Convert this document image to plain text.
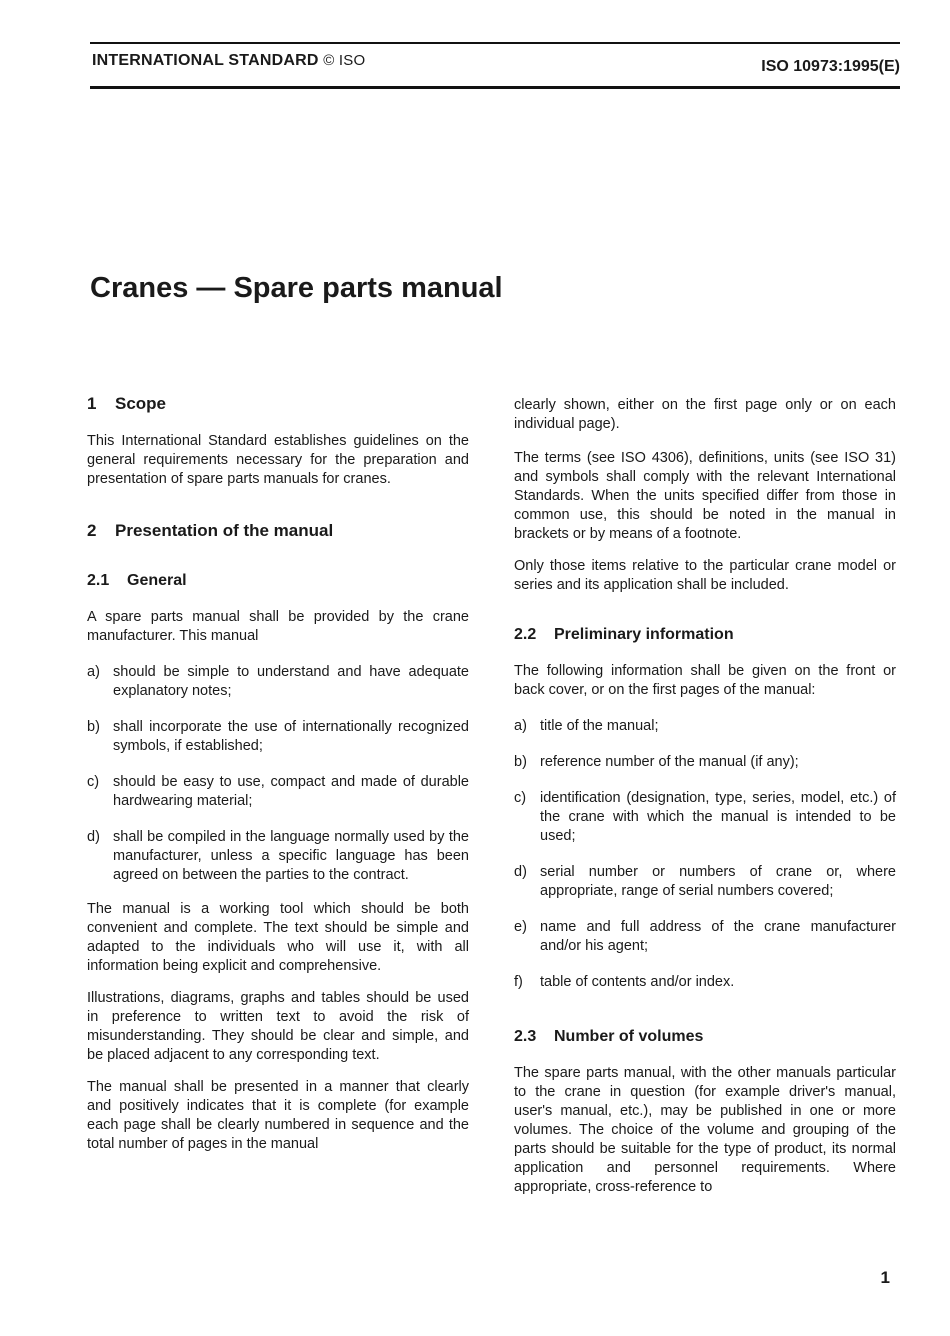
INTERNATIONAL STANDARD © ISO	ISO 10973:1995(E)
Cranes — Spare parts manual
1 Scope

This International Standard establishes guidelines on the general requirements necessary for the preparation and presentation of spare parts manuals for cranes.

2 Presentation of the manual
2.1 General

A spare parts manual shall be provided by the crane manufacturer. This manual

a) should be simple to understand and have adequate explanatory notes;
b) shall incorporate the use of internationally recognized symbols, if established;
c) should be easy to use, compact and made of durable hardwearing material;
d) shall be compiled in the language normally used by the manufacturer, unless a specific language has been agreed on between the parties to the contract.

The manual is a working tool which should be both convenient and complete. The text should be simple and adapted to the individuals who will use it, with all information being explicit and comprehensive.

Illustrations, diagrams, graphs and tables should be used in preference to written text to avoid the risk of misunderstanding. They should be clear and simple, and be placed adjacent to any corresponding text.

The manual shall be presented in a manner that clearly and positively indicates that it is complete (for example each page shall be clearly numbered in sequence and the total number of pages in the manual

clearly shown, either on the first page only or on each individual page).

The terms (see ISO 4306), definitions, units (see ISO 31) and symbols shall comply with the relevant International Standards. When the units specified differ from those in common use, this should be noted in the manual in brackets or by means of a footnote.

Only those items relative to the particular crane model or series and its application shall be included.

2.2 Preliminary information

The following information shall be given on the front or back cover, or on the first pages of the manual:

a) title of the manual;
b) reference number of the manual (if any);
c) identification (designation, type, series, model, etc.) of the crane with which the manual is intended to be used;
d) serial number or numbers of crane or, where appropriate, range of serial numbers covered;
e) name and full address of the crane manufacturer and/or his agent;
f)	table of contents and/or index.
2.3 Number of volumes

The spare parts manual, with the other manuals particular to the crane in question (for example driver's manual, user's manual, etc.), may be published in one or more volumes. The choice of the volume and grouping of the parts should be suitable for the type of product, its normal application and personnel requirements. Where appropriate, cross-reference to

1
